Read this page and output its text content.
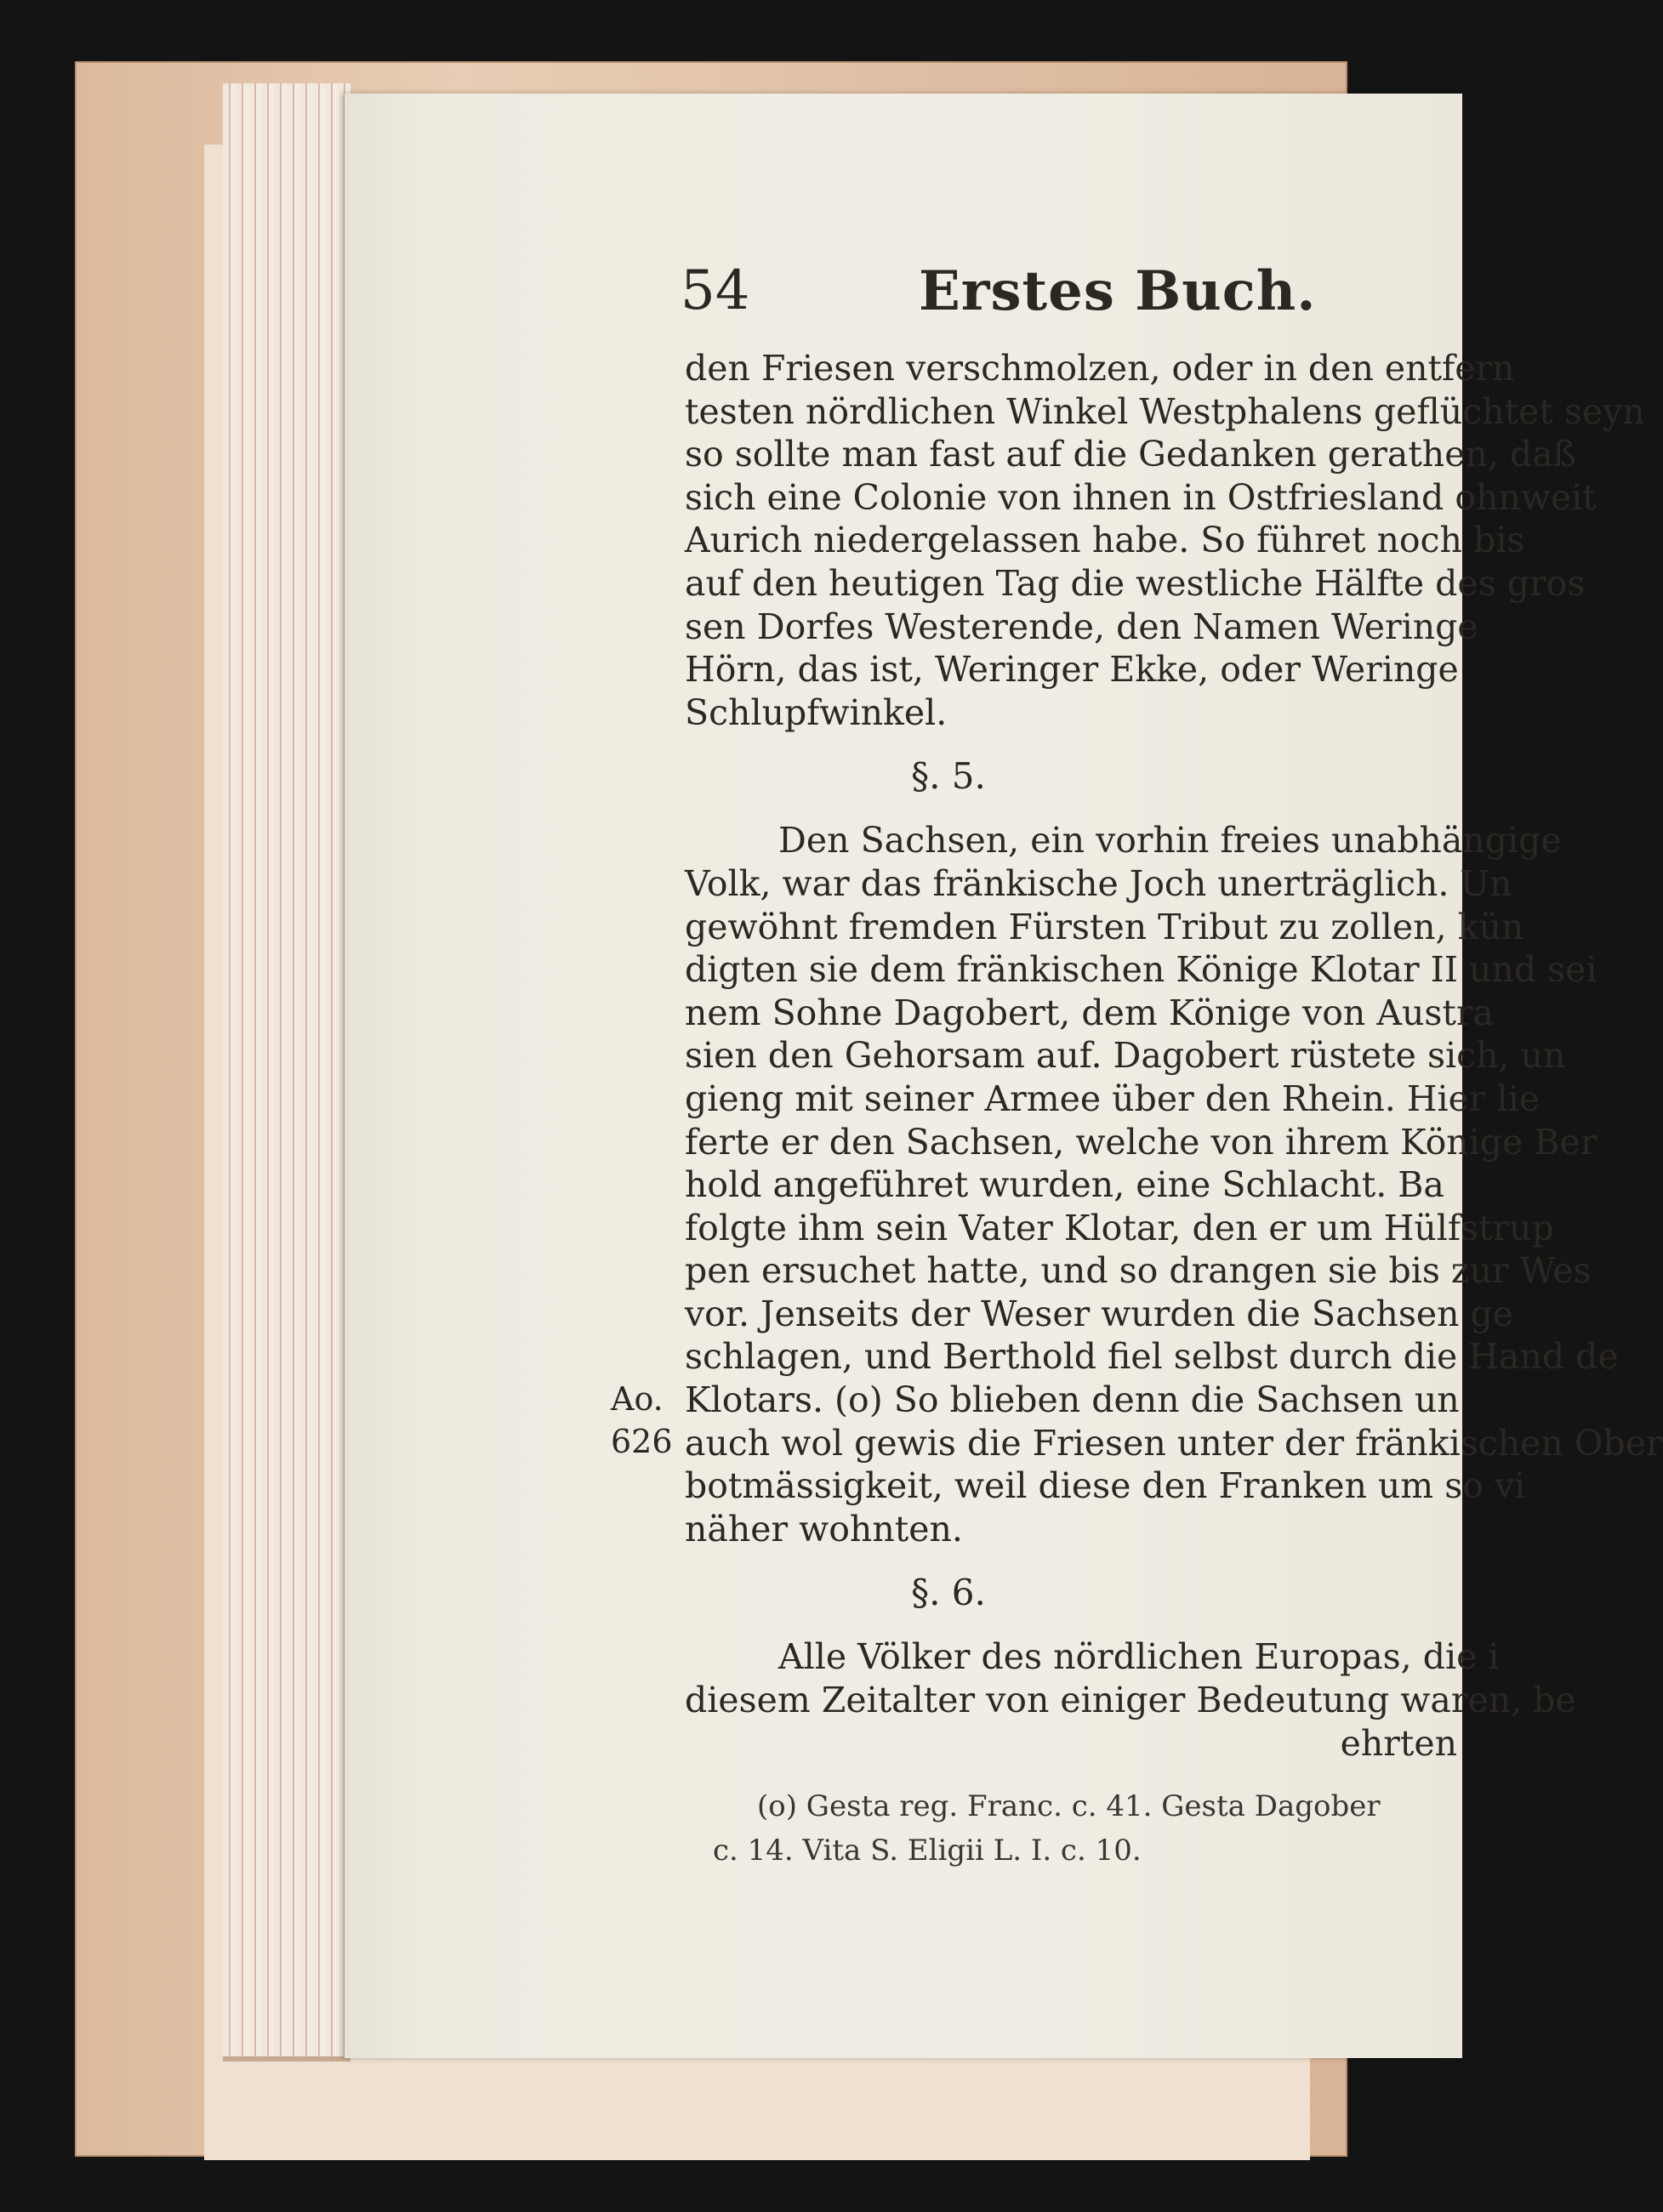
54	Erstes Buch.
den Friesen verschmolzen, oder in den entfern
testen nördlichen Winkel Westphalens geflüchtet seyn
so sollte man fast auf die Gedanken gerathen, daß
sich eine Colonie von ihnen in Ostfriesland ohnweit
Aurich niedergelassen habe. So führet noch bis
auf den heutigen Tag die westliche Hälfte des gros
sen Dorfes Westerende, den Namen Weringe
Hörn, das ist, Weringer Ekke, oder Weringe
Schlupfwinkel.
§. 5.
Den Sachsen, ein vorhin freies unabhängige
Volk, war das fränkische Joch unerträglich. Un
gewöhnt fremden Fürsten Tribut zu zollen, kün
digten sie dem fränkischen Könige Klotar II und sei
nem Sohne Dagobert, dem Könige von Austra
sien den Gehorsam auf. Dagobert rüstete sich, un
gieng mit seiner Armee über den Rhein. Hier lie
ferte er den Sachsen, welche von ihrem Könige Ber
hold angeführet wurden, eine Schlacht. Ba
folgte ihm sein Vater Klotar, den er um Hülfstrup
pen ersuchet hatte, und so drangen sie bis zur Wes
vor. Jenseits der Weser wurden die Sachsen ge
schlagen, und Berthold fiel selbst durch die Hand de
Klotars. (o) So blieben denn die Sachsen un
auch wol gewis die Friesen unter der fränkischen Ober
botmässigkeit, weil diese den Franken um so vi
näher wohnten.
§. 6.
Alle Völker des nördlichen Europas, die i
diesem Zeitalter von einiger Bedeutung waren, be
ehrten
Ao.
626
(o) Gesta reg. Franc. c. 41. Gesta Dagober
c. 14. Vita S. Eligii L. I. c. 10.
